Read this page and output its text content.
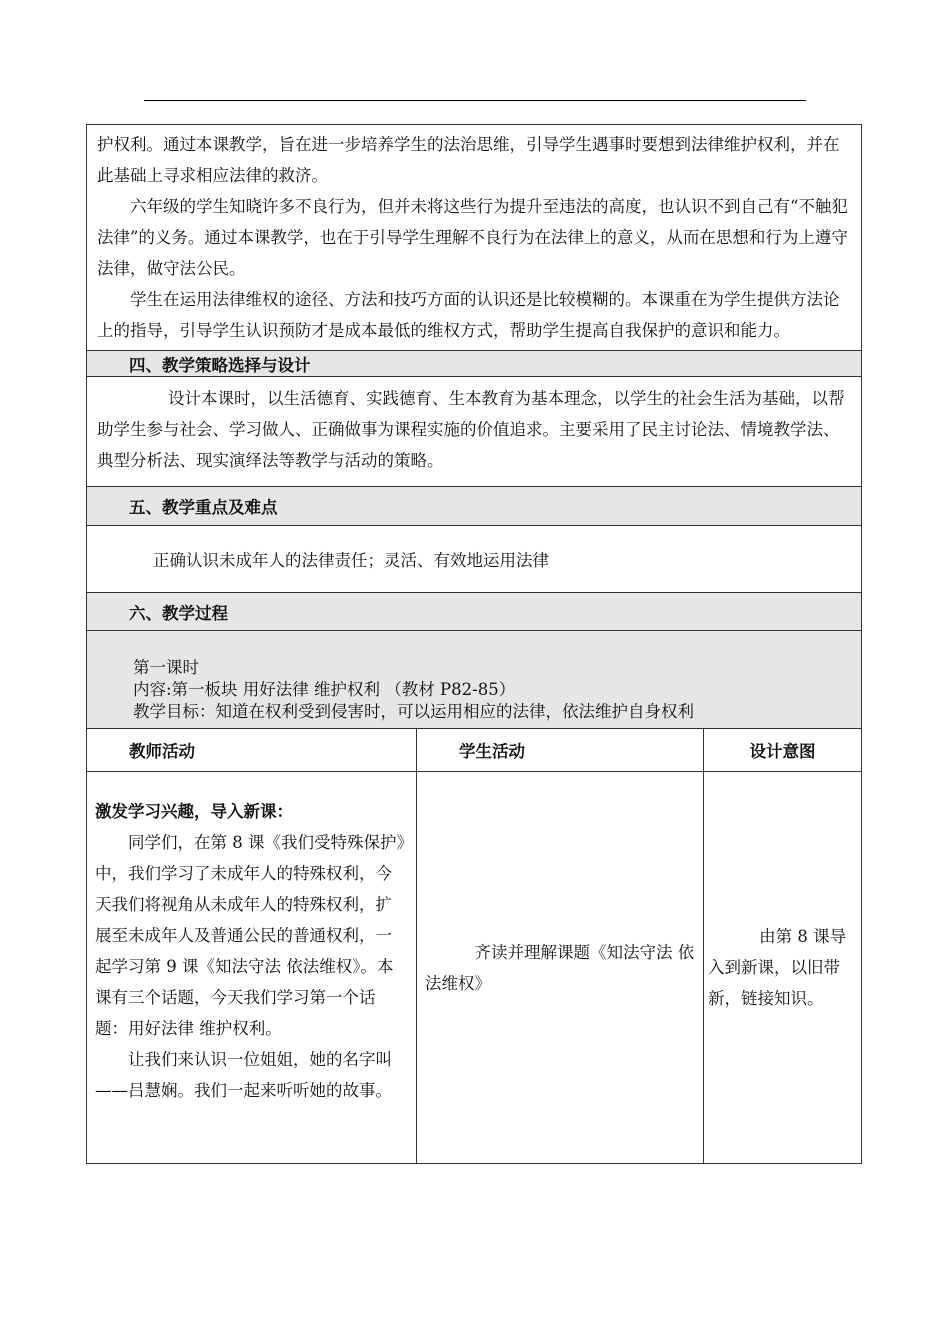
护权利。通过本课教学，旨在进一步培养学生的法治思维，引导学生遇事时要想到法律维护权利，并在此基础上寻求相应法律的救济。

六年级的学生知晓许多不良行为，但并未将这些行为提升至违法的高度，也认识不到自己有“不触犯法律”的义务。通过本课教学，也在于引导学生理解不良行为在法律上的意义，从而在思想和行为上遵守法律，做守法公民。

学生在运用法律维权的途径、方法和技巧方面的认识还是比较模糊的。本课重在为学生提供方法论上的指导，引导学生认识预防才是成本最低的维权方式，帮助学生提高自我保护的意识和能力。

四、教学策略选择与设计

设计本课时，以生活德育、实践德育、生本教育为基本理念，以学生的社会生活为基础，以帮助学生参与社会、学习做人、正确做事为课程实施的价值追求。主要采用了民主讨论法、情境教学法、典型分析法、现实演绎法等教学与活动的策略。

五、教学重点及难点
正确认识未成年人的法律责任；灵活、有效地运用法律
六、教学过程
第一课时
内容:第一板块 用好法律 维护权利 （教材 P82-85）
教学目标：知道在权利受到侵害时，可以运用相应的法律，依法维护自身权利
教师活动	学生活动	设计意图

激发学习兴趣，导入新课：

同学们，在第 8 课《我们受特殊保护》中，我们学习了未成年人的特殊权利，今天我们将视角从未成年人的特殊权利，扩展至未成年人及普通公民的普通权利，一起学习第 9 课《知法守法 依法维权》。本课有三个话题，今天我们学习第一个话题：用好法律 维护权利。

让我们来认识一位姐姐，她的名字叫——吕慧娴。我们一起来听听她的故事。

齐读并理解课题《知法守法 依法维权》

由第 8 课导入到新课，以旧带新，链接知识。
